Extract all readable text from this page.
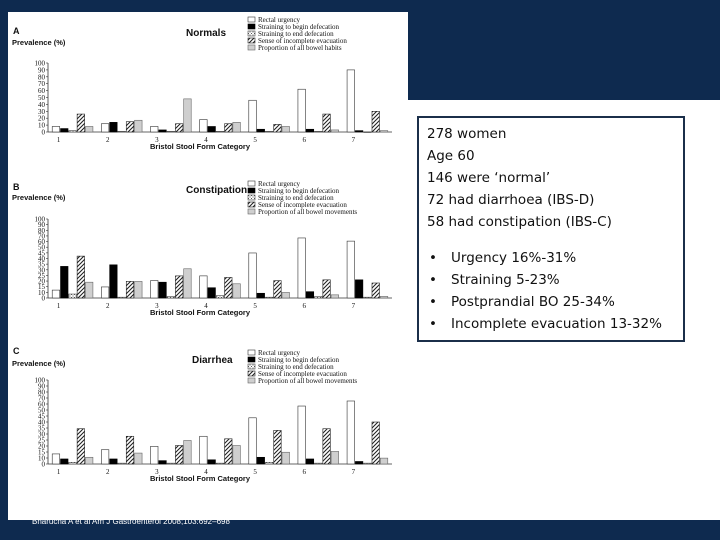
A	Normals
Prevalence (%)
Rectal urgency
Straining to begin defecation
Straining to end defecation
Sense of incomplete evacuation
Proportion of all bowel habits
0
10
20
30
40
50
60
70
80
90
100
1	2	3	4	5	6	7
Bristol Stool Form Category
B	Constipation
Prevalence (%)
Rectal urgency
Straining to begin defecation
Straining to end defecation
Sense of incomplete evacuation
Proportion of all bowel movements
0
10
15
20
25
30
35
40
45
50
60
70
80
90
100
1	2	3	4	5	6	7
Bristol Stool Form Category
C
Diarrhea
Prevalence (%)
Rectal urgency
Straining to begin defecation
Straining to end defecation
Sense of incomplete evacuation
Proportion of all bowel movements
0
10
15
20
25
30
35
40
45
50
60
70
80
90
100
1	2	3	4	5	6	7
Bristol Stool Form Category
278 women
Age 60
146 were ‘normal’
72 had diarrhoea (IBS-D)
58 had constipation (IBS-C)
• Urgency 16%-31%
• Straining 5-23%
• Postprandial BO 25-34%
• Incomplete evacuation 13-32%
Bharucha A et al Am J Gastroenterol 2008;103:692–698
